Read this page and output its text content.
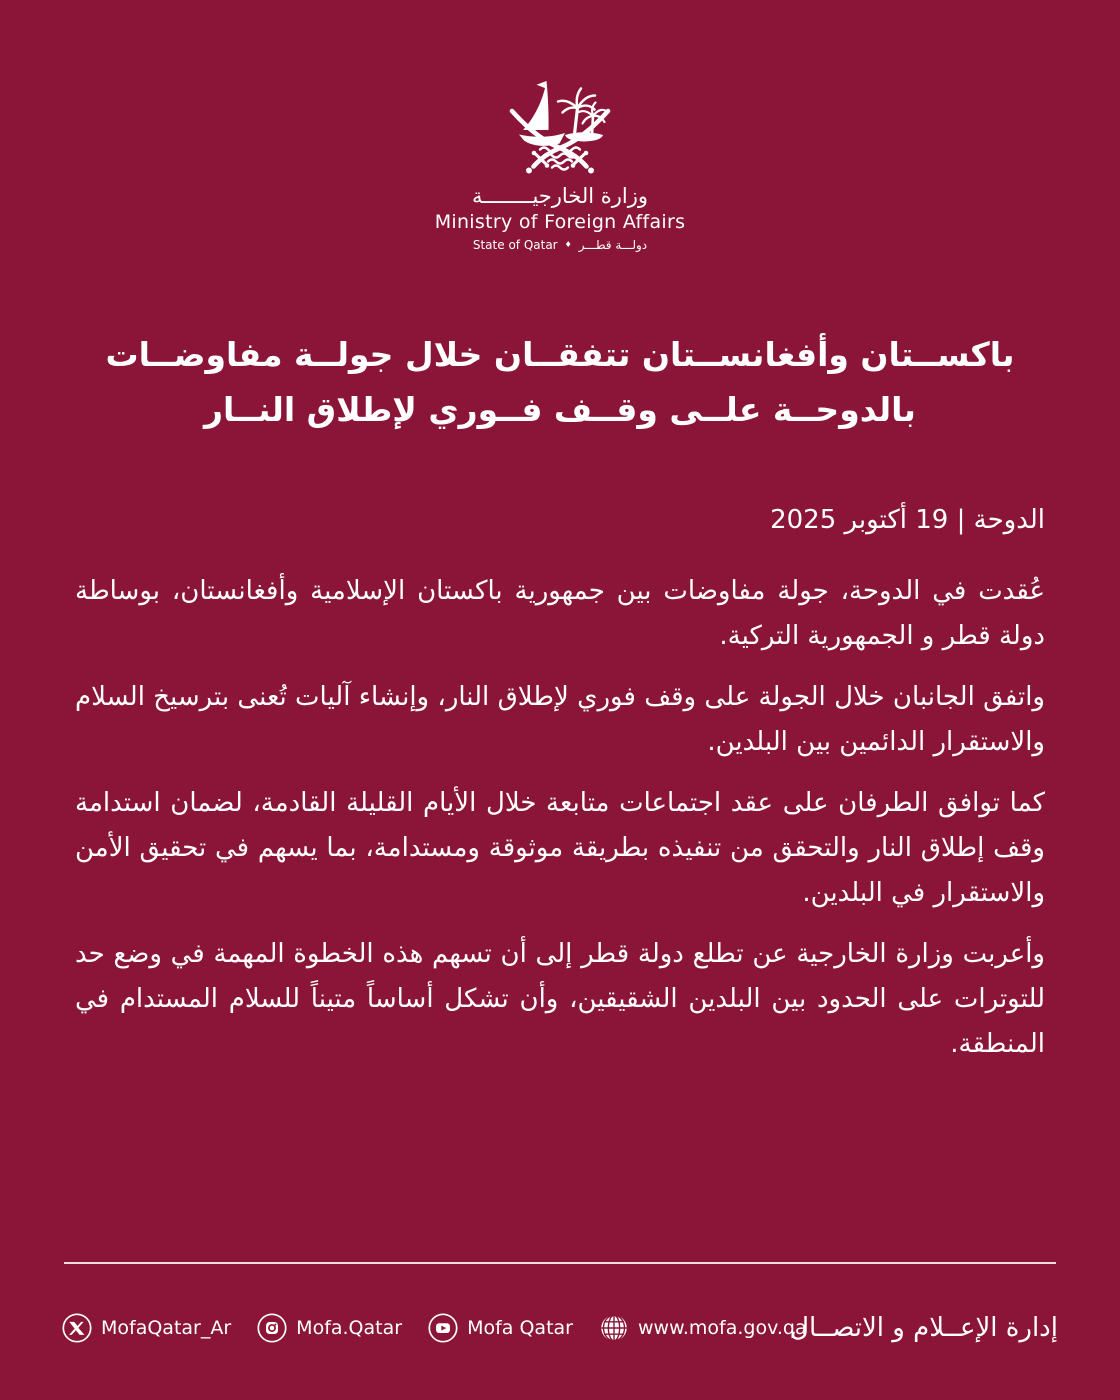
وزارة الخارجيــــــــة
Ministry of Foreign Affairs
State of Qatar ♦ دولـــة قطـــر
باكســتان وأفغانســتان تتفقــان خلال جولــة مفاوضــات
بالدوحــة علــى وقــف فــوري لإطلاق النــار
الدوحة | 19 أكتوبر 2025

عُقدت في الدوحة، جولة مفاوضات بين جمهورية باكستان الإسلامية وأفغانستان، بوساطة دولة قطر و الجمهورية التركية.

واتفق الجانبان خلال الجولة على وقف فوري لإطلاق النار، وإنشاء آليات تُعنى بترسيخ السلام والاستقرار الدائمين بين البلدين.

كما توافق الطرفان على عقد اجتماعات متابعة خلال الأيام القليلة القادمة، لضمان استدامة وقف إطلاق النار والتحقق من تنفيذه بطريقة موثوقة ومستدامة، بما يسهم في تحقيق الأمن والاستقرار في البلدين.

وأعربت وزارة الخارجية عن تطلع دولة قطر إلى أن تسهم هذه الخطوة المهمة في وضع حد للتوترات على الحدود بين البلدين الشقيقين، وأن تشكل أساساً متيناً للسلام المستدام في المنطقة.

MofaQatar_Ar	Mofa.Qatar	Mofa Qatar	www.mofa.gov.qa
إدارة الإعــلام و الاتصــال
